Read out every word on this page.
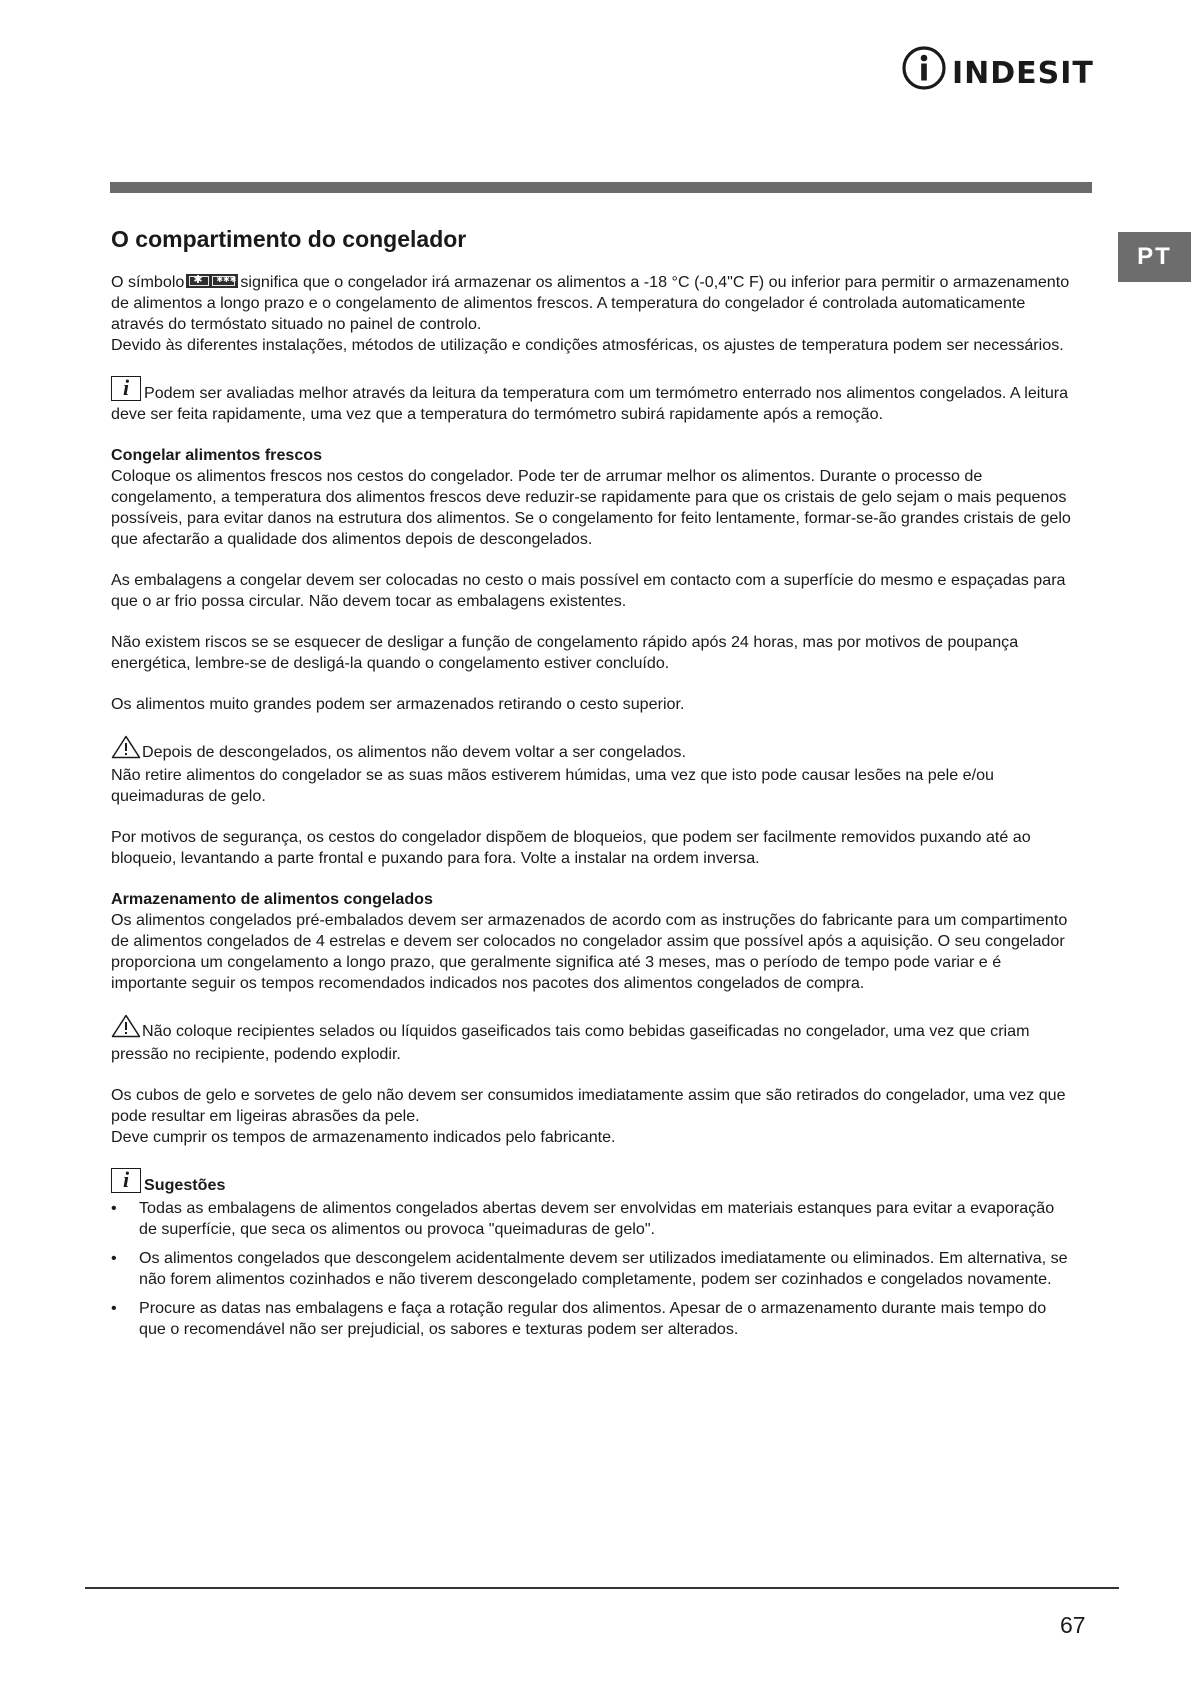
INDESIT
PT
O compartimento do congelador

O símbolo ✱ ✱✱✱ significa que o congelador irá armazenar os alimentos a -18 °C (-0,4"C F) ou inferior para permitir o armazenamento de alimentos a longo prazo e o congelamento de alimentos frescos. A temperatura do congelador é controlada automaticamente através do termóstato situado no painel de controlo.

Devido às diferentes instalações, métodos de utilização e condições atmosféricas, os ajustes de temperatura podem ser necessários.

i Podem ser avaliadas melhor através da leitura da temperatura com um termómetro enterrado nos alimentos congelados. A leitura deve ser feita rapidamente, uma vez que a temperatura do termómetro subirá rapidamente após a remoção.

Congelar alimentos frescos

Coloque os alimentos frescos nos cestos do congelador. Pode ter de arrumar melhor os alimentos. Durante o processo de congelamento, a temperatura dos alimentos frescos deve reduzir-se rapidamente para que os cristais de gelo sejam o mais pequenos possíveis, para evitar danos na estrutura dos alimentos. Se o congelamento for feito lentamente, formar-se-ão grandes cristais de gelo que afectarão a qualidade dos alimentos depois de descongelados.

As embalagens a congelar devem ser colocadas no cesto o mais possível em contacto com a superfície do mesmo e espaçadas para que o ar frio possa circular. Não devem tocar as embalagens existentes.

Não existem riscos se se esquecer de desligar a função de congelamento rápido após 24 horas, mas por motivos de poupança energética, lembre-se de desligá-la quando o congelamento estiver concluído.

Os alimentos muito grandes podem ser armazenados retirando o cesto superior.

Depois de descongelados, os alimentos não devem voltar a ser congelados.

Não retire alimentos do congelador se as suas mãos estiverem húmidas, uma vez que isto pode causar lesões na pele e/ou queimaduras de gelo.

Por motivos de segurança, os cestos do congelador dispõem de bloqueios, que podem ser facilmente removidos puxando até ao bloqueio, levantando a parte frontal e puxando para fora. Volte a instalar na ordem inversa.

Armazenamento de alimentos congelados

Os alimentos congelados pré-embalados devem ser armazenados de acordo com as instruções do fabricante para um compartimento de alimentos congelados de 4 estrelas e devem ser colocados no congelador assim que possível após a aquisição. O seu congelador proporciona um congelamento a longo prazo, que geralmente significa até 3 meses, mas o período de tempo pode variar e é importante seguir os tempos recomendados indicados nos pacotes dos alimentos congelados de compra.

Não coloque recipientes selados ou líquidos gaseificados tais como bebidas gaseificadas no congelador, uma vez que criam pressão no recipiente, podendo explodir.

Os cubos de gelo e sorvetes de gelo não devem ser consumidos imediatamente assim que são retirados do congelador, uma vez que pode resultar em ligeiras abrasões da pele.

Deve cumprir os tempos de armazenamento indicados pelo fabricante.

i Sugestões
• Todas as embalagens de alimentos congelados abertas devem ser envolvidas em materiais estanques para evitar a evaporação de superfície, que seca os alimentos ou provoca "queimaduras de gelo".
• Os alimentos congelados que descongelem acidentalmente devem ser utilizados imediatamente ou eliminados. Em alternativa, se não forem alimentos cozinhados e não tiverem descongelado completamente, podem ser cozinhados e congelados novamente.
• Procure as datas nas embalagens e faça a rotação regular dos alimentos. Apesar de o armazenamento durante mais tempo do que o recomendável não ser prejudicial, os sabores e texturas podem ser alterados.
67
